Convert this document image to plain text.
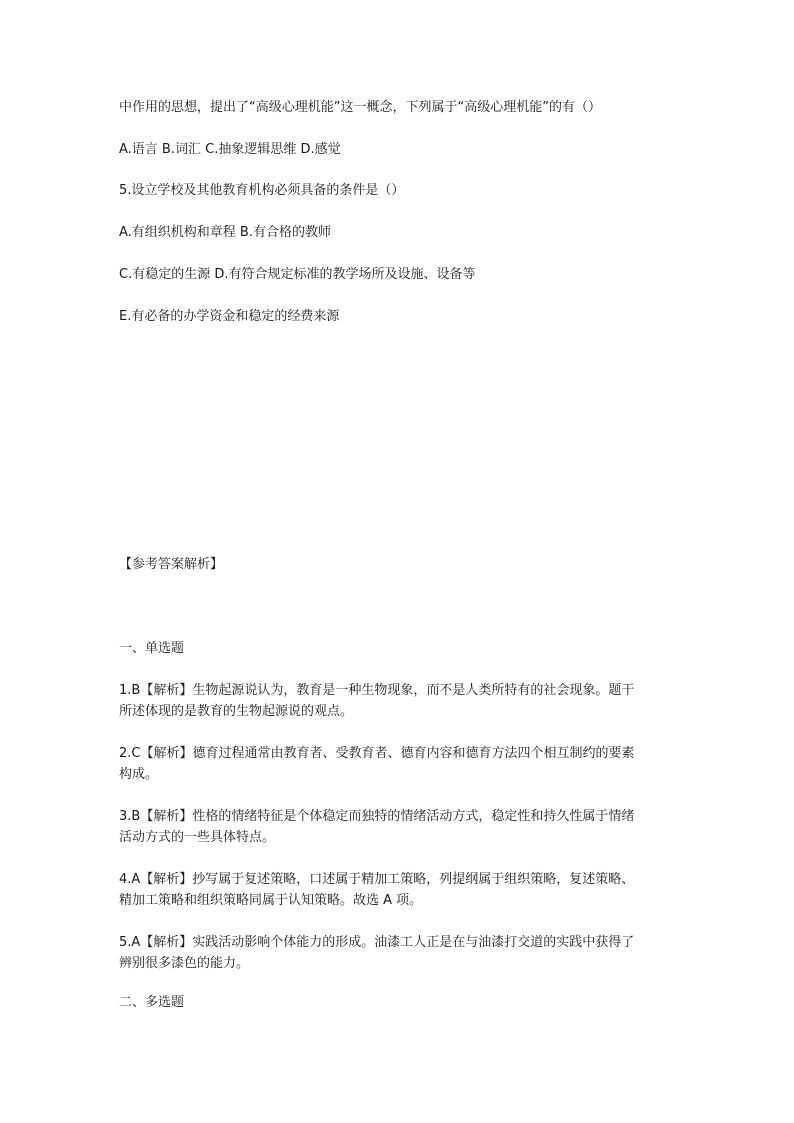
中作用的思想，提出了“高级心理机能”这一概念，下列属于“高级心理机能”的有（）
A.语言 B.词汇 C.抽象逻辑思维 D.感觉
5.设立学校及其他教育机构必须具备的条件是（）
A.有组织机构和章程 B.有合格的教师
C.有稳定的生源 D.有符合规定标准的教学场所及设施、设备等
E.有必备的办学资金和稳定的经费来源
【参考答案解析】
一、单选题
1.B【解析】生物起源说认为，教育是一种生物现象，而不是人类所特有的社会现象。题干
所述体现的是教育的生物起源说的观点。
2.C【解析】德育过程通常由教育者、受教育者、德育内容和德育方法四个相互制约的要素
构成。
3.B【解析】性格的情绪特征是个体稳定而独特的情绪活动方式，稳定性和持久性属于情绪
活动方式的一些具体特点。
4.A【解析】抄写属于复述策略，口述属于精加工策略，列提纲属于组织策略，复述策略、
精加工策略和组织策略同属于认知策略。故选 A 项。
5.A【解析】实践活动影响个体能力的形成。油漆工人正是在与油漆打交道的实践中获得了
辨别很多漆色的能力。
二、多选题
